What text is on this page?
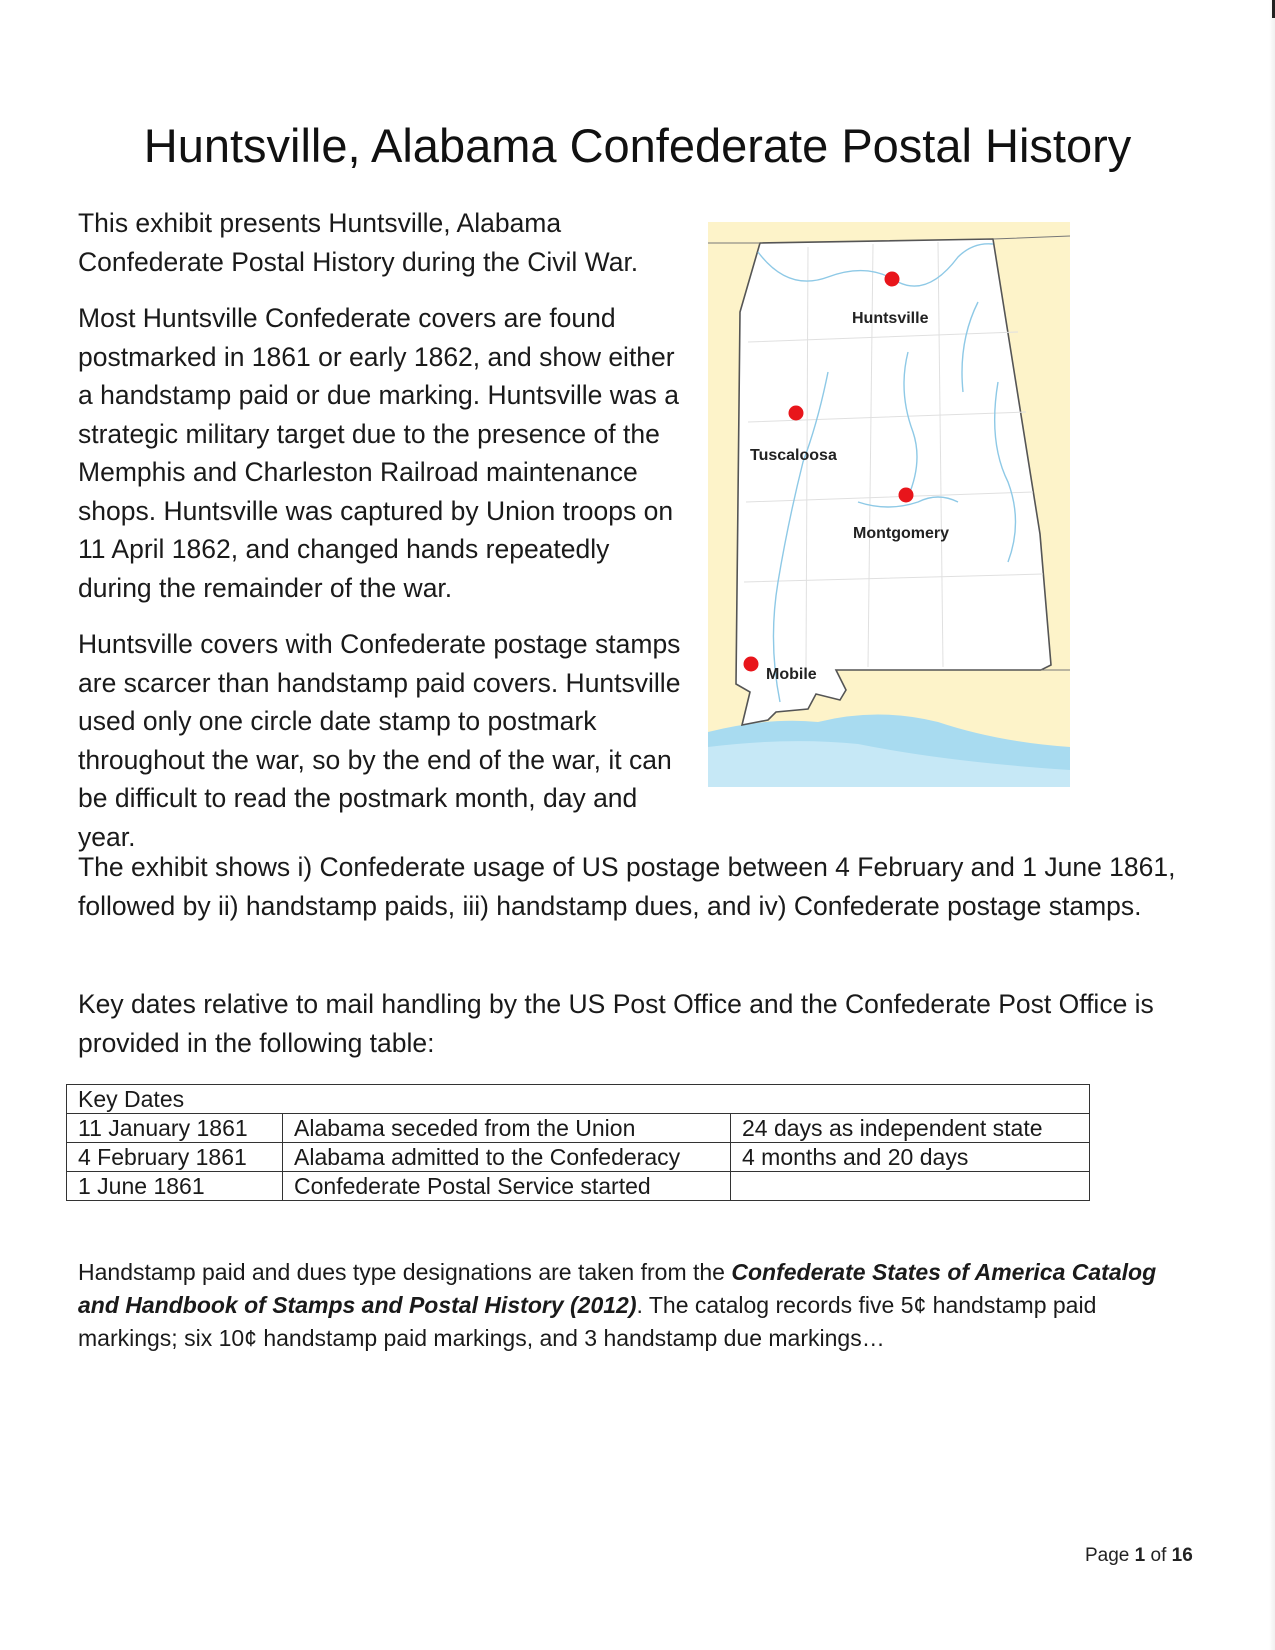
Huntsville, Alabama Confederate Postal History
Huntsville
Tuscaloosa
Montgomery
Mobile

This exhibit presents Huntsville, Alabama Confederate Postal History during the Civil War.

Most Huntsville Confederate covers are found postmarked in 1861 or early 1862, and show either a handstamp paid or due marking. Huntsville was a strategic military target due to the presence of the Memphis and Charleston Railroad maintenance shops. Huntsville was captured by Union troops on 11 April 1862, and changed hands repeatedly during the remainder of the war.

Huntsville covers with Confederate postage stamps are scarcer than handstamp paid covers. Huntsville used only one circle date stamp to postmark throughout the war, so by the end of the war, it can be difficult to read the postmark month, day and year.

The exhibit shows i) Confederate usage of US postage between 4 February and 1 June 1861, followed by ii) handstamp paids, iii) handstamp dues, and iv) Confederate postage stamps.

Key dates relative to mail handling by the US Post Office and the Confederate Post Office is provided in the following table:

Key Dates		
11 January 1861	Alabama seceded from the Union	24 days as independent state
4 February 1861	Alabama admitted to the Confederacy	4 months and 20 days
1 June 1861	Confederate Postal Service started	
Handstamp paid and dues type designations are taken from the Confederate States of America Catalog and Handbook of Stamps and Postal History (2012). The catalog records five 5¢ handstamp paid markings; six 10¢ handstamp paid markings, and 3 handstamp due markings…
Page 1 of 16
